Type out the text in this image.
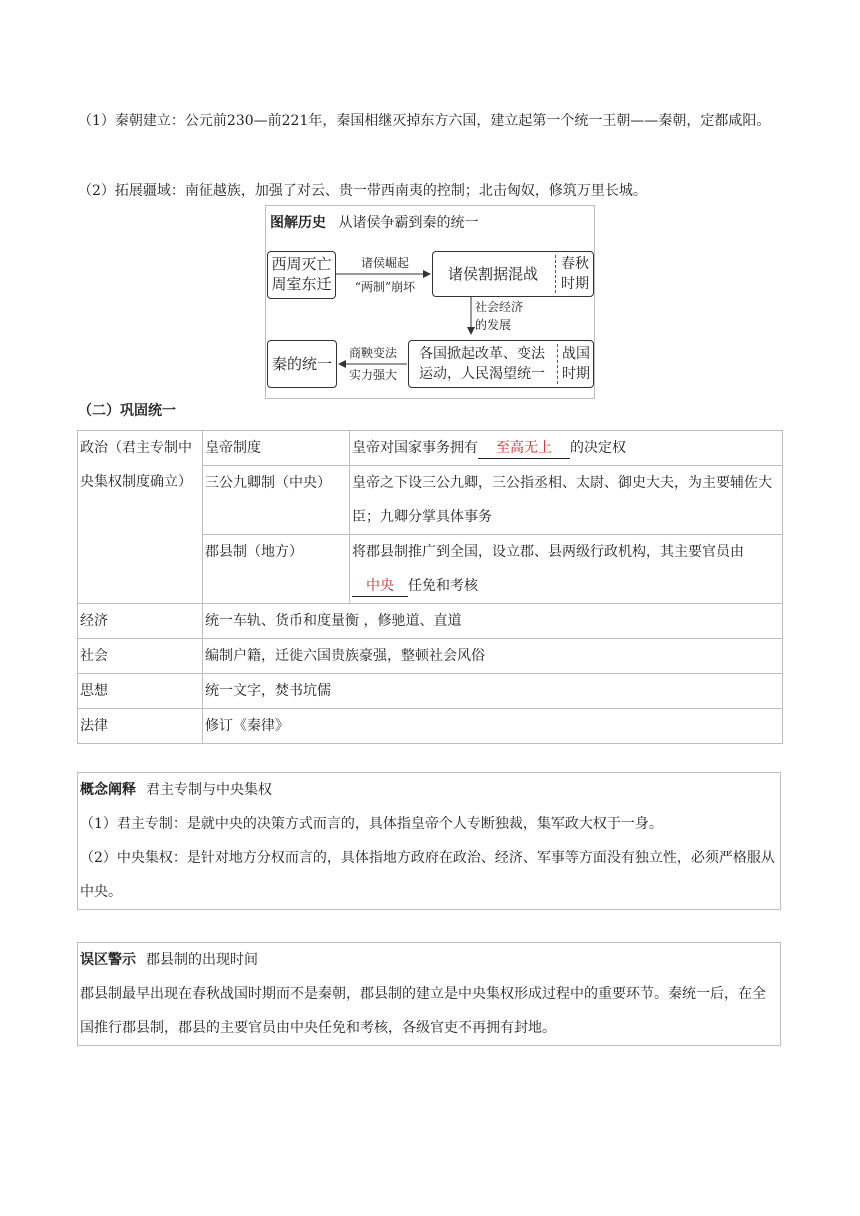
（1）秦朝建立：公元前230—前221年，秦国相继灭掉东方六国，建立起第一个统一王朝——秦朝，定都咸阳。
（2）拓展疆域：南征越族，加强了对云、贵一带西南夷的控制；北击匈奴，修筑万里长城。
图解历史 从诸侯争霸到秦的统一
西周灭亡
周室东迁
诸侯崛起
“两制”崩坏
诸侯割据混战
春秋
时期
社会经济
的发展
秦的统一
商鞅变法
实力强大
各国掀起改革、变法
运动，人民渴望统一
战国
时期
（二）巩固统一
政治（君主专制中央集权制度确立）	皇帝制度	皇帝对国家事务拥有 至高无上 的决定权
	三公九卿制（中央）	皇帝之下设三公九卿，三公指丞相、太尉、御史大夫，为主要辅佐大臣；九卿分掌具体事务
	郡县制（地方）	将郡县制推广到全国，设立郡、县两级行政机构，其主要官员由中央 任免和考核
经济	统一车轨、货币和度量衡 ，修驰道、直道	
社会	编制户籍，迁徙六国贵族豪强，整顿社会风俗	
思想	统一文字，焚书坑儒	
法律	修订《秦律》	
概念阐释 君主专制与中央集权
（1）君主专制：是就中央的决策方式而言的，具体指皇帝个人专断独裁，集军政大权于一身。
（2）中央集权：是针对地方分权而言的，具体指地方政府在政治、经济、军事等方面没有独立性，必须严格服从中央。
误区警示 郡县制的出现时间
郡县制最早出现在春秋战国时期而不是秦朝，郡县制的建立是中央集权形成过程中的重要环节。秦统一后，在全国推行郡县制，郡县的主要官员由中央任免和考核，各级官吏不再拥有封地。
